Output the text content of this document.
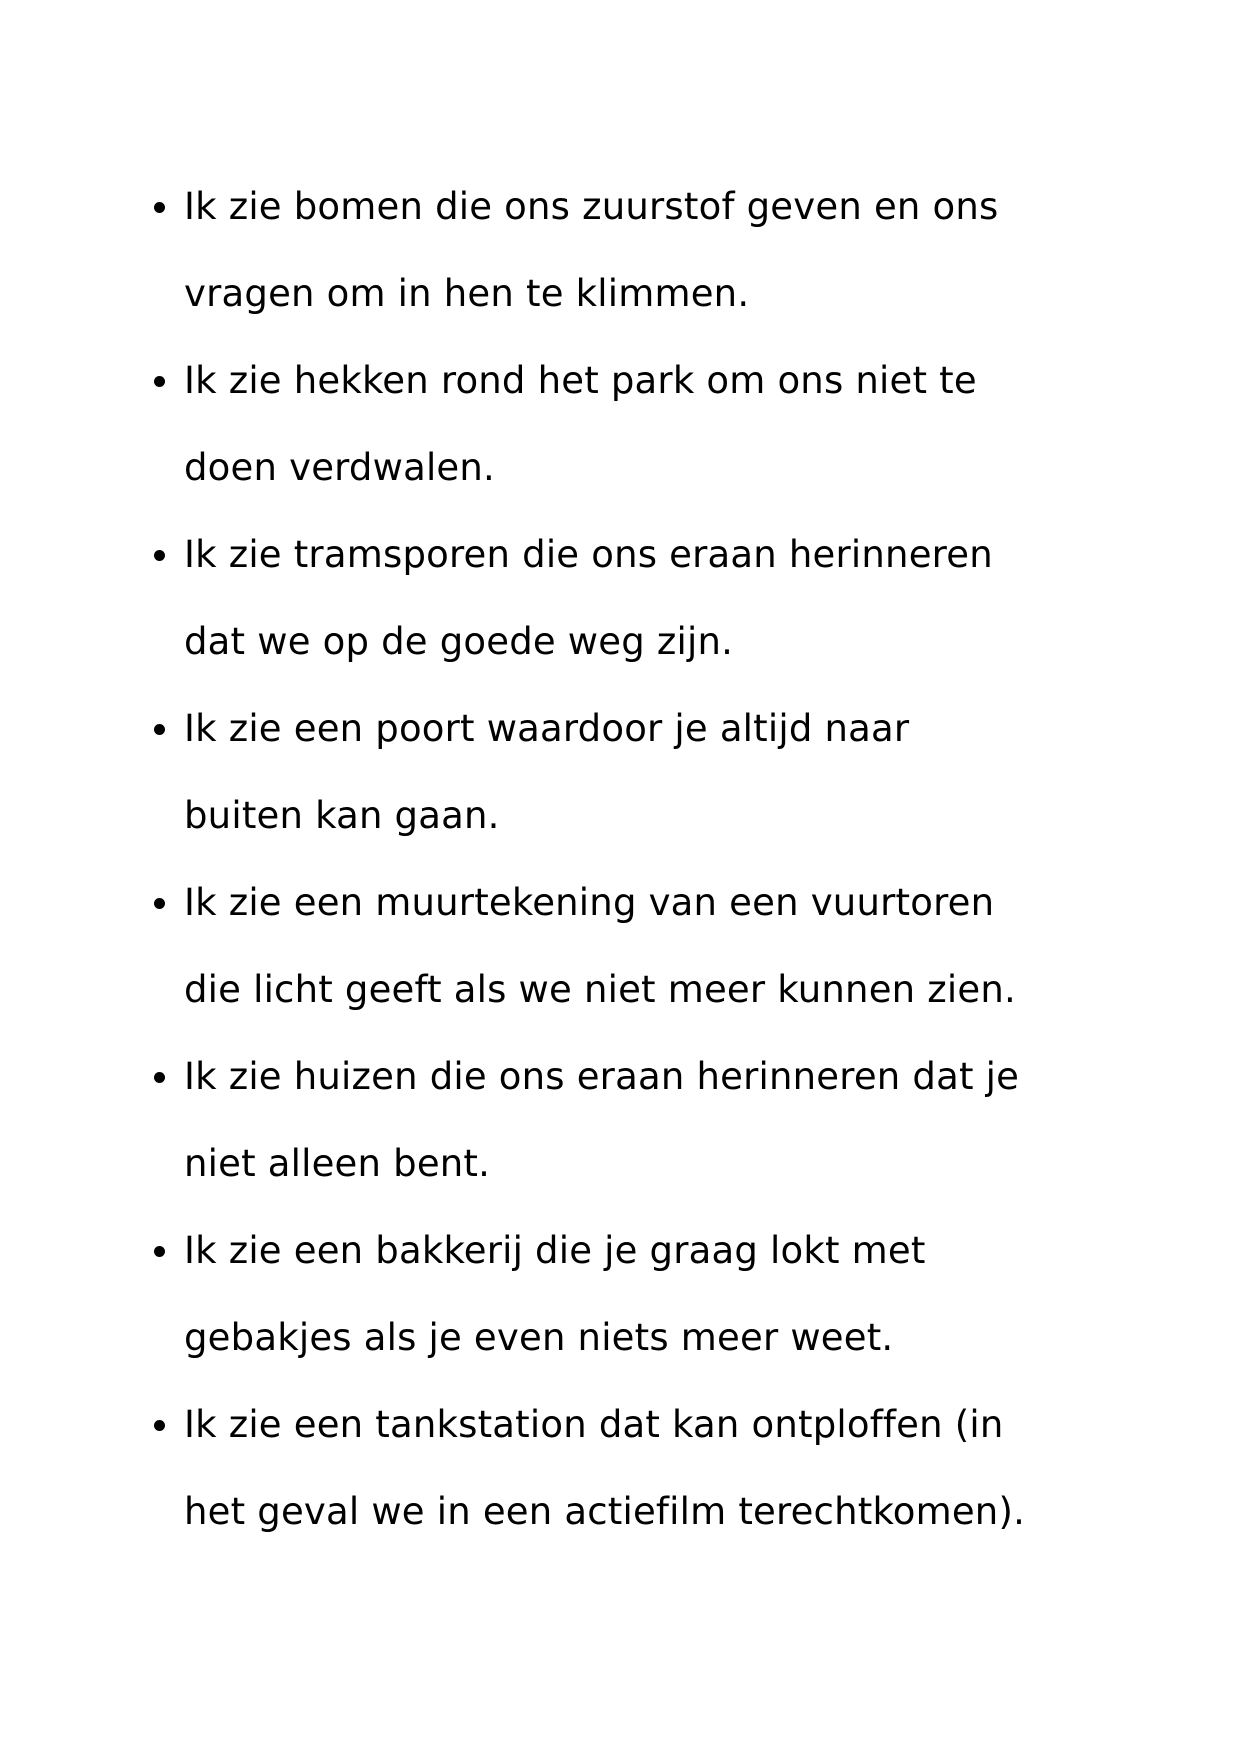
Ik zie bomen die ons zuurstof geven en ons
vragen om in hen te klimmen.
Ik zie hekken rond het park om ons niet te
doen verdwalen.
Ik zie tramsporen die ons eraan herinneren
dat we op de goede weg zijn.
Ik zie een poort waardoor je altijd naar
buiten kan gaan.
Ik zie een muurtekening van een vuurtoren
die licht geeft als we niet meer kunnen zien.
Ik zie huizen die ons eraan herinneren dat je
niet alleen bent.
Ik zie een bakkerij die je graag lokt met
gebakjes als je even niets meer weet.
Ik zie een tankstation dat kan ontploffen (in
het geval we in een actiefilm terechtkomen).
